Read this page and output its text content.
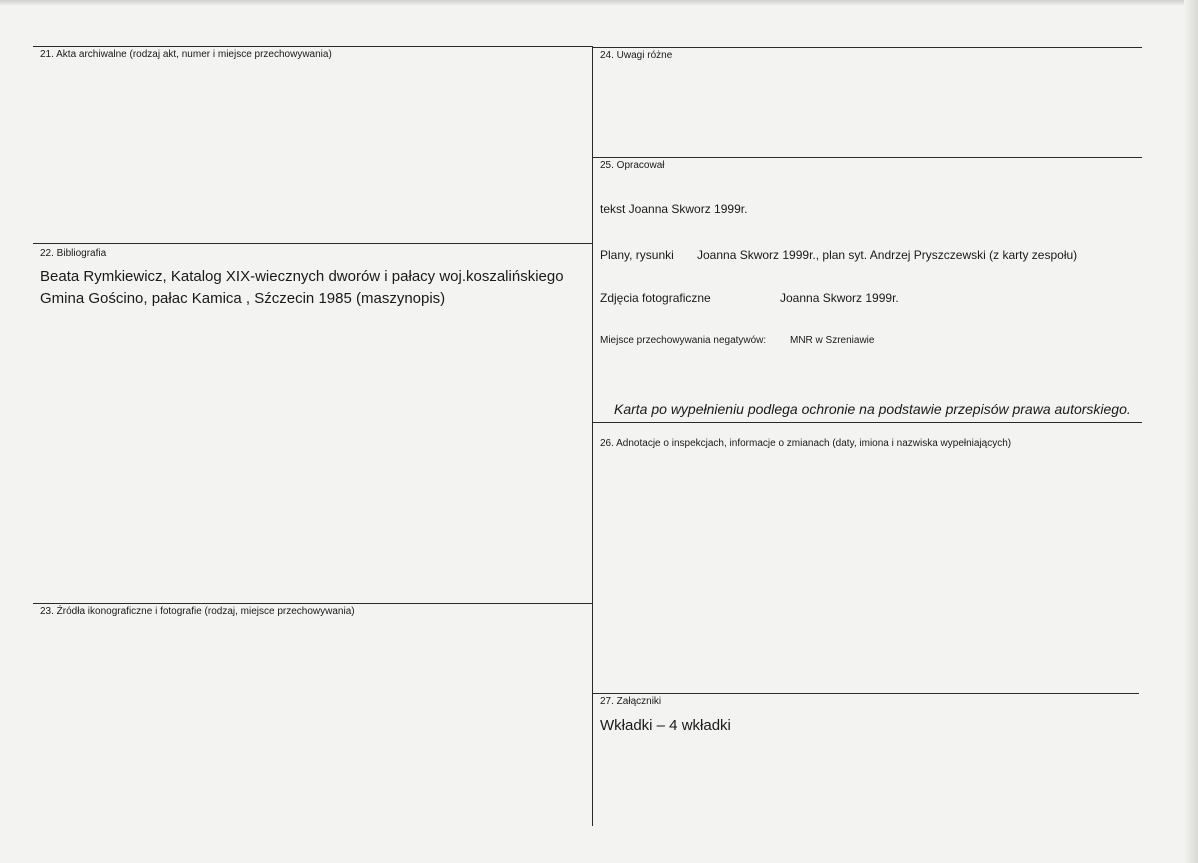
21. Akta archiwalne (rodzaj akt, numer i miejsce przechowywania)
22. Bibliografia
Beata Rymkiewicz, Katalog XIX-wiecznych dworów i pałacy woj.koszalińskiego
Gmina Gościno, pałac Kamica , Sźczecin 1985 (maszynopis)
23. Źródła ikonograficzne i fotografie (rodzaj, miejsce przechowywania)
24. Uwagi różne
25. Opracował
tekst Joanna Skworz 1999r.
Plany, rysunki Joanna Skworz 1999r., plan syt. Andrzej Pryszczewski (z karty zespołu)
Zdjęcia fotograficzne	Joanna Skworz 1999r.
Miejsce przechowywania negatywów: MNR w Szreniawie
Karta po wypełnieniu podlega ochronie na podstawie przepisów prawa autorskiego.
26. Adnotacje o inspekcjach, informacje o zmianach (daty, imiona i nazwiska wypełniających)
27. Załączniki
Wkładki – 4 wkładki
